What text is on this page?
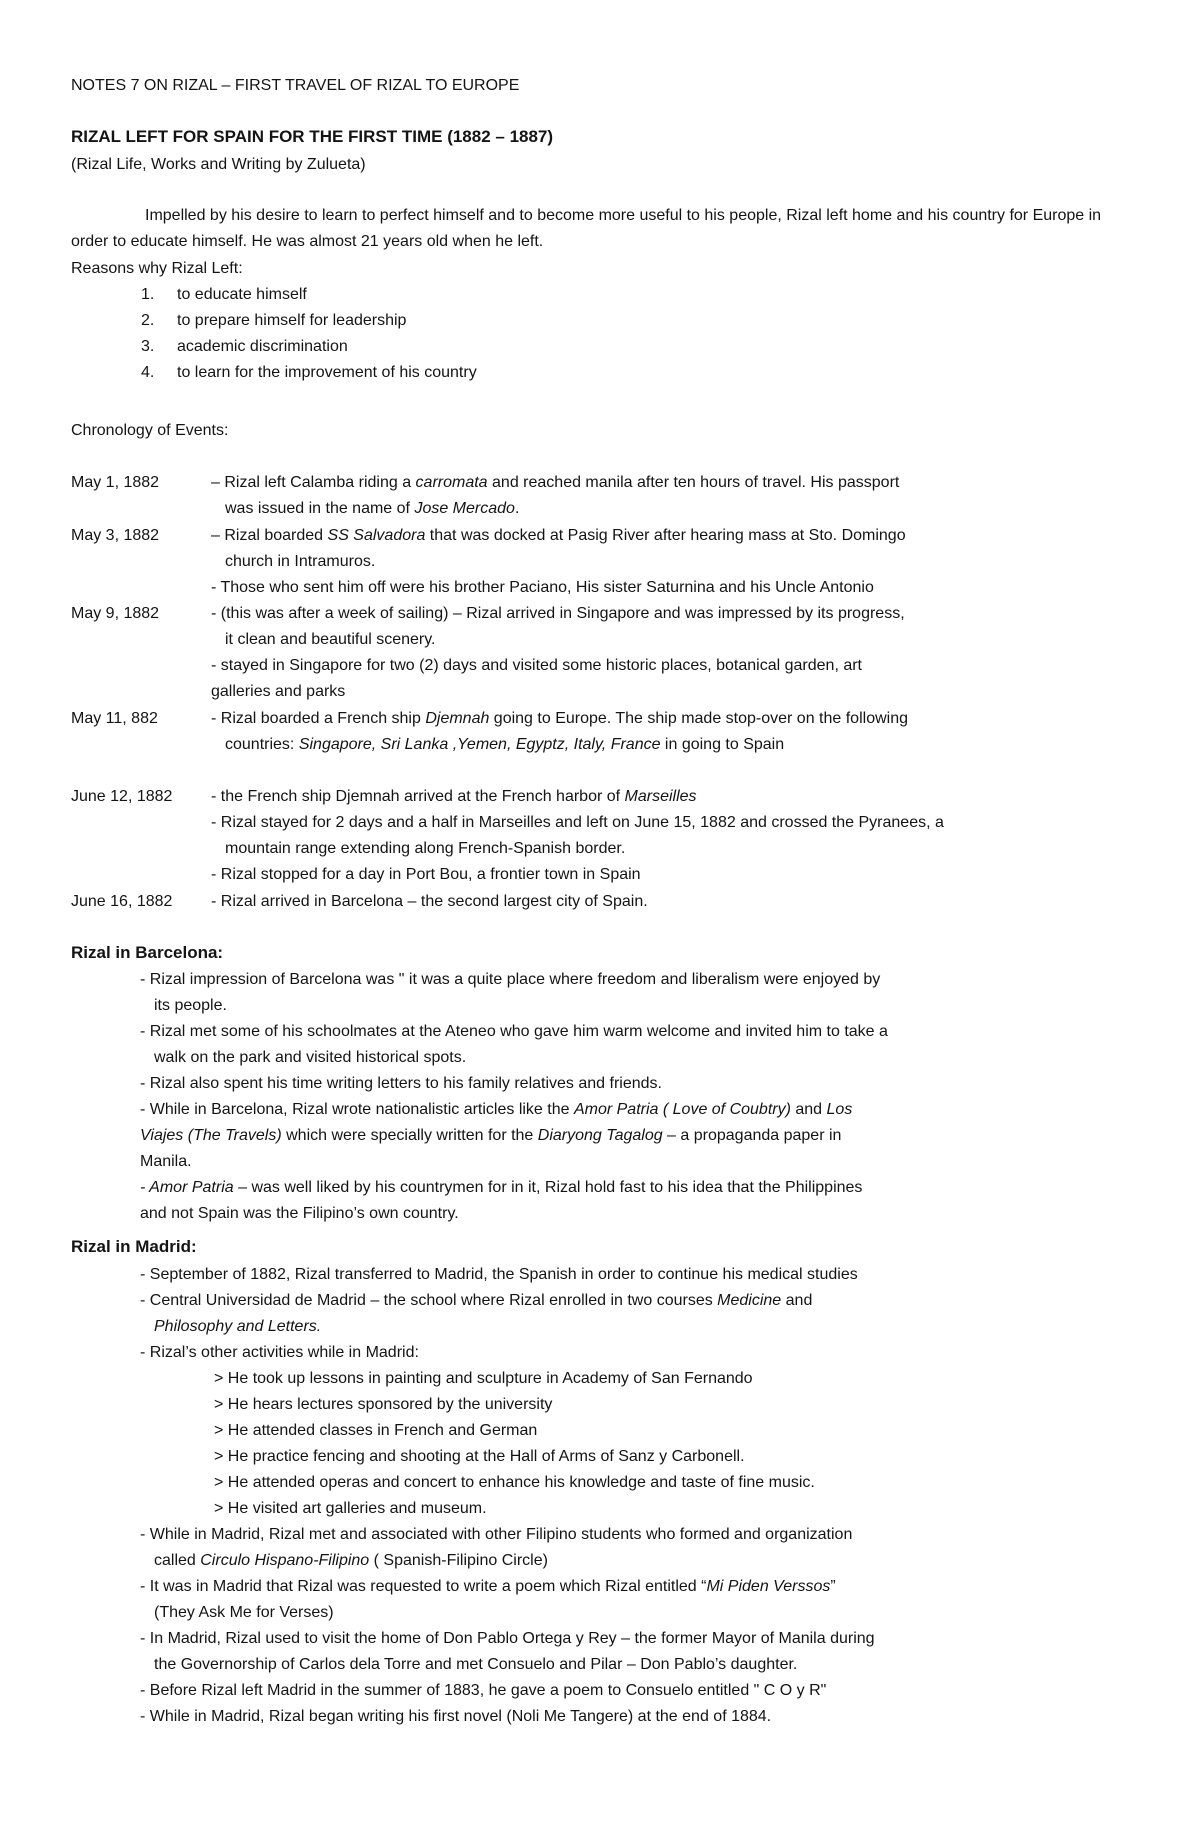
NOTES 7 ON RIZAL – FIRST TRAVEL OF RIZAL TO EUROPE
RIZAL LEFT FOR SPAIN FOR THE FIRST TIME (1882 – 1887)
(Rizal Life, Works and Writing by Zulueta)
Impelled by his desire to learn to perfect himself and to become more useful to his people, Rizal left home and his country for Europe in order to educate himself. He was almost 21 years old when he left.
Reasons why Rizal Left:
1. to educate himself
2. to prepare himself for leadership
3. academic discrimination
4. to learn for the improvement of his country
Chronology of Events:
May 1, 1882	– Rizal left Calamba riding a carromata and reached manila after ten hours of travel. His passport
was issued in the name of Jose Mercado.
May 3, 1882	– Rizal boarded SS Salvadora that was docked at Pasig River after hearing mass at Sto. Domingo
church in Intramuros.
- Those who sent him off were his brother Paciano, His sister Saturnina and his Uncle Antonio
May 9, 1882	- (this was after a week of sailing) – Rizal arrived in Singapore and was impressed by its progress,
it clean and beautiful scenery.
- stayed in Singapore for two (2) days and visited some historic places, botanical garden, art
galleries and parks
May 11, 882	- Rizal boarded a French ship Djemnah going to Europe. The ship made stop-over on the following
countries: Singapore, Sri Lanka ,Yemen, Egyptz, Italy, France in going to Spain
June 12, 1882 - the French ship Djemnah arrived at the French harbor of Marseilles
- Rizal stayed for 2 days and a half in Marseilles and left on June 15, 1882 and crossed the Pyranees, a
mountain range extending along French-Spanish border.
- Rizal stopped for a day in Port Bou, a frontier town in Spain
June 16, 1882 - Rizal arrived in Barcelona – the second largest city of Spain.
Rizal in Barcelona:
- Rizal impression of Barcelona was " it was a quite place where freedom and liberalism were enjoyed by
its people.
- Rizal met some of his schoolmates at the Ateneo who gave him warm welcome and invited him to take a
walk on the park and visited historical spots.
- Rizal also spent his time writing letters to his family relatives and friends.
- While in Barcelona, Rizal wrote nationalistic articles like the Amor Patria ( Love of Coubtry) and Los
Viajes (The Travels) which were specially written for the Diaryong Tagalog – a propaganda paper in
Manila.
- Amor Patria – was well liked by his countrymen for in it, Rizal hold fast to his idea that the Philippines
and not Spain was the Filipino’s own country.
Rizal in Madrid:
- September of 1882, Rizal transferred to Madrid, the Spanish in order to continue his medical studies
- Central Universidad de Madrid – the school where Rizal enrolled in two courses Medicine and
Philosophy and Letters.
- Rizal’s other activities while in Madrid:
> He took up lessons in painting and sculpture in Academy of San Fernando
> He hears lectures sponsored by the university
> He attended classes in French and German
> He practice fencing and shooting at the Hall of Arms of Sanz y Carbonell.
> He attended operas and concert to enhance his knowledge and taste of fine music.
> He visited art galleries and museum.
- While in Madrid, Rizal met and associated with other Filipino students who formed and organization
called Circulo Hispano-Filipino ( Spanish-Filipino Circle)
- It was in Madrid that Rizal was requested to write a poem which Rizal entitled “Mi Piden Verssos”
(They Ask Me for Verses)
- In Madrid, Rizal used to visit the home of Don Pablo Ortega y Rey – the former Mayor of Manila during
the Governorship of Carlos dela Torre and met Consuelo and Pilar – Don Pablo’s daughter.
- Before Rizal left Madrid in the summer of 1883, he gave a poem to Consuelo entitled " C O y R"
- While in Madrid, Rizal began writing his first novel (Noli Me Tangere) at the end of 1884.
